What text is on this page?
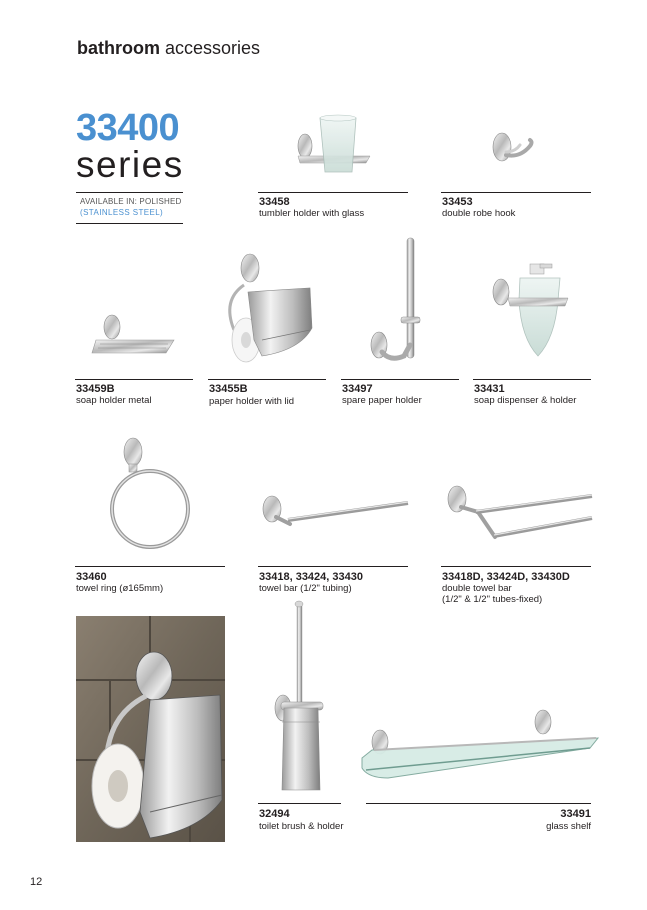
bathroom accessories
33400
series
AVAILABLE IN: POLISHED
(STAINLESS STEEL)
33458
tumbler holder with glass
33453
double robe hook
33459B
soap holder metal
33455B
paper holder with lid
33497
spare paper holder
33431
soap dispenser & holder
33460
towel ring (ø165mm)
33418, 33424, 33430
towel bar (1/2" tubing)
33418D, 33424D, 33430D
double towel bar
(1/2" & 1/2" tubes-fixed)
32494
toilet brush & holder
33491
glass shelf
12
